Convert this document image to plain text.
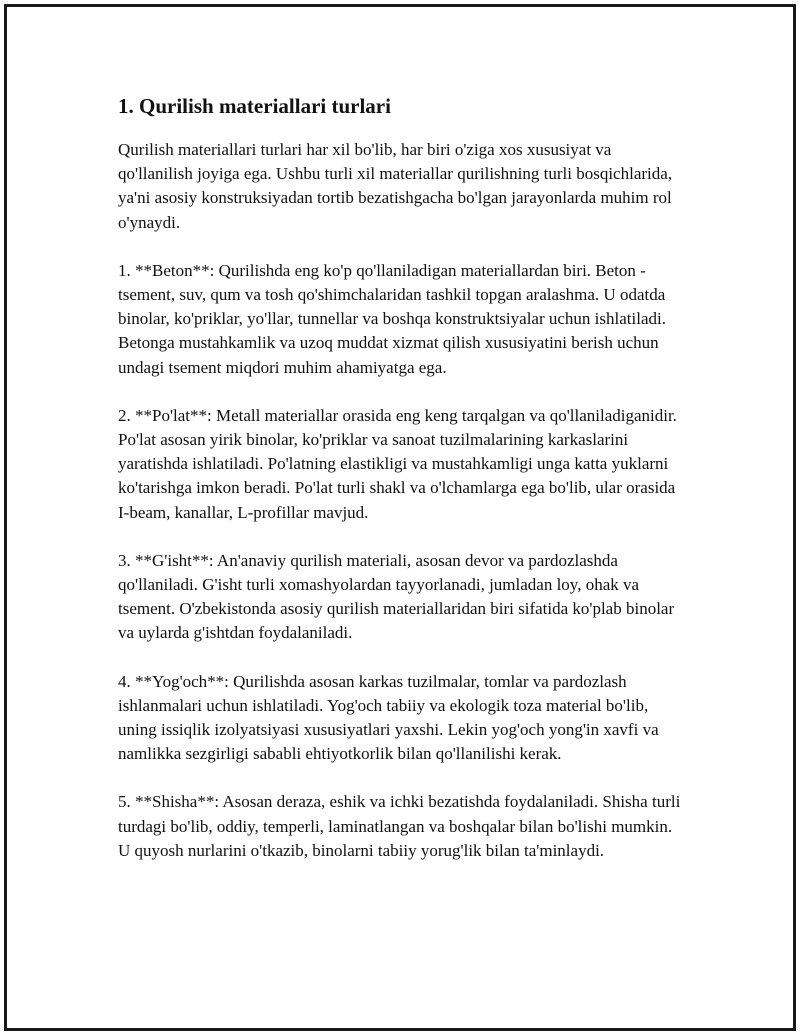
1. Qurilish materiallari turlari

Qurilish materiallari turlari har xil bo'lib, har biri o'ziga xos xususiyat va qo'llanilish joyiga ega. Ushbu turli xil materiallar qurilishning turli bosqichlarida, ya'ni asosiy konstruksiyadan tortib bezatishgacha bo'lgan jarayonlarda muhim rol o'ynaydi.

1. **Beton**: Qurilishda eng ko'p qo'llaniladigan materiallardan biri. Beton - tsement, suv, qum va tosh qo'shimchalaridan tashkil topgan aralashma. U odatda binolar, ko'priklar, yo'llar, tunnellar va boshqa konstruktsiyalar uchun ishlatiladi. Betonga mustahkamlik va uzoq muddat xizmat qilish xususiyatini berish uchun undagi tsement miqdori muhim ahamiyatga ega.

2. **Po'lat**: Metall materiallar orasida eng keng tarqalgan va qo'llaniladiganidir. Po'lat asosan yirik binolar, ko'priklar va sanoat tuzilmalarining karkaslarini yaratishda ishlatiladi. Po'latning elastikligi va mustahkamligi unga katta yuklarni ko'tarishga imkon beradi. Po'lat turli shakl va o'lchamlarga ega bo'lib, ular orasida I-beam, kanallar, L-profillar mavjud.

3. **G'isht**: An'anaviy qurilish materiali, asosan devor va pardozlashda qo'llaniladi. G'isht turli xomashyolardan tayyorlanadi, jumladan loy, ohak va tsement. O'zbekistonda asosiy qurilish materiallaridan biri sifatida ko'plab binolar va uylarda g'ishtdan foydalaniladi.

4. **Yog'och**: Qurilishda asosan karkas tuzilmalar, tomlar va pardozlash ishlanmalari uchun ishlatiladi. Yog'och tabiiy va ekologik toza material bo'lib, uning issiqlik izolyatsiyasi xususiyatlari yaxshi. Lekin yog'och yong'in xavfi va namlikka sezgirligi sababli ehtiyotkorlik bilan qo'llanilishi kerak.

5. **Shisha**: Asosan deraza, eshik va ichki bezatishda foydalaniladi. Shisha turli turdagi bo'lib, oddiy, temperli, laminatlangan va boshqalar bilan bo'lishi mumkin. U quyosh nurlarini o'tkazib, binolarni tabiiy yorug'lik bilan ta'minlaydi.
